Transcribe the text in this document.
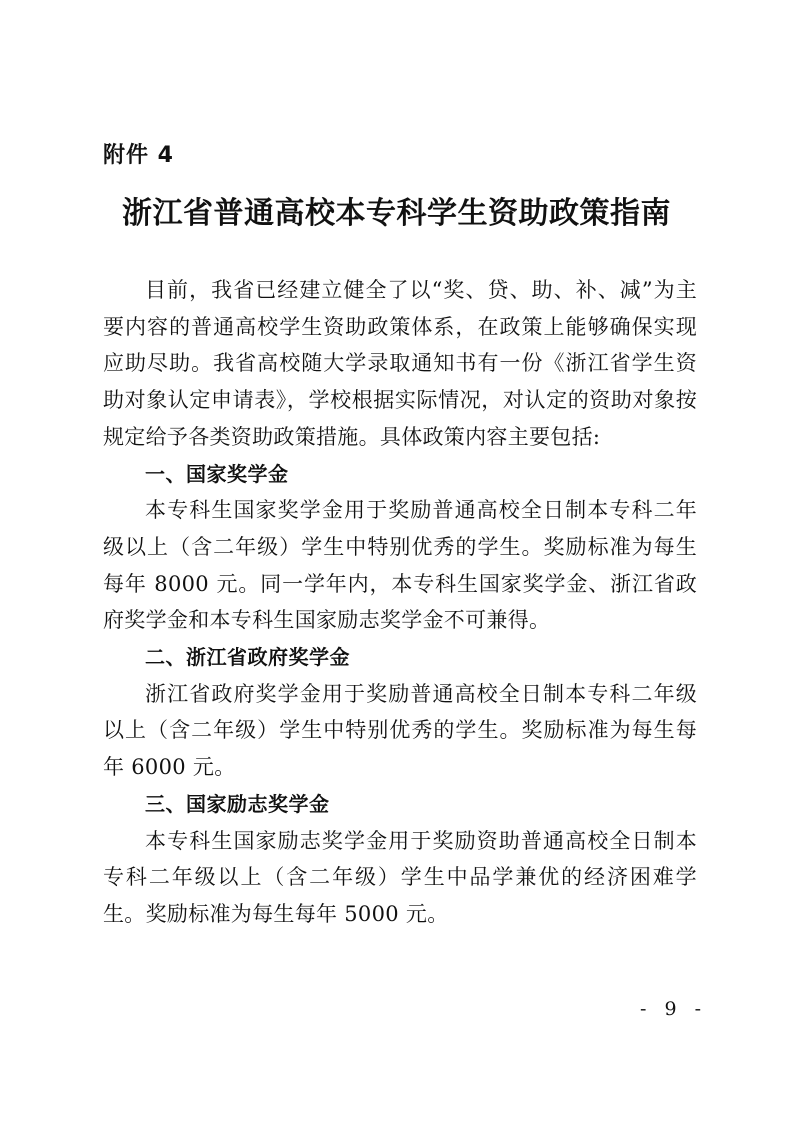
附件 4
浙江省普通高校本专科学生资助政策指南

目前，我省已经建立健全了以“奖、贷、助、补、减”为主要内容的普通高校学生资助政策体系，在政策上能够确保实现应助尽助。我省高校随大学录取通知书有一份《浙江省学生资助对象认定申请表》，学校根据实际情况，对认定的资助对象按规定给予各类资助政策措施。具体政策内容主要包括:

一、国家奖学金

本专科生国家奖学金用于奖励普通高校全日制本专科二年级以上（含二年级）学生中特别优秀的学生。奖励标准为每生每年 8000 元。同一学年内，本专科生国家奖学金、浙江省政府奖学金和本专科生国家励志奖学金不可兼得。

二、浙江省政府奖学金

浙江省政府奖学金用于奖励普通高校全日制本专科二年级以上（含二年级）学生中特别优秀的学生。奖励标准为每生每年 6000 元。

三、国家励志奖学金

本专科生国家励志奖学金用于奖励资助普通高校全日制本专科二年级以上（含二年级）学生中品学兼优的经济困难学生。奖励标准为每生每年 5000 元。

- 9 -
